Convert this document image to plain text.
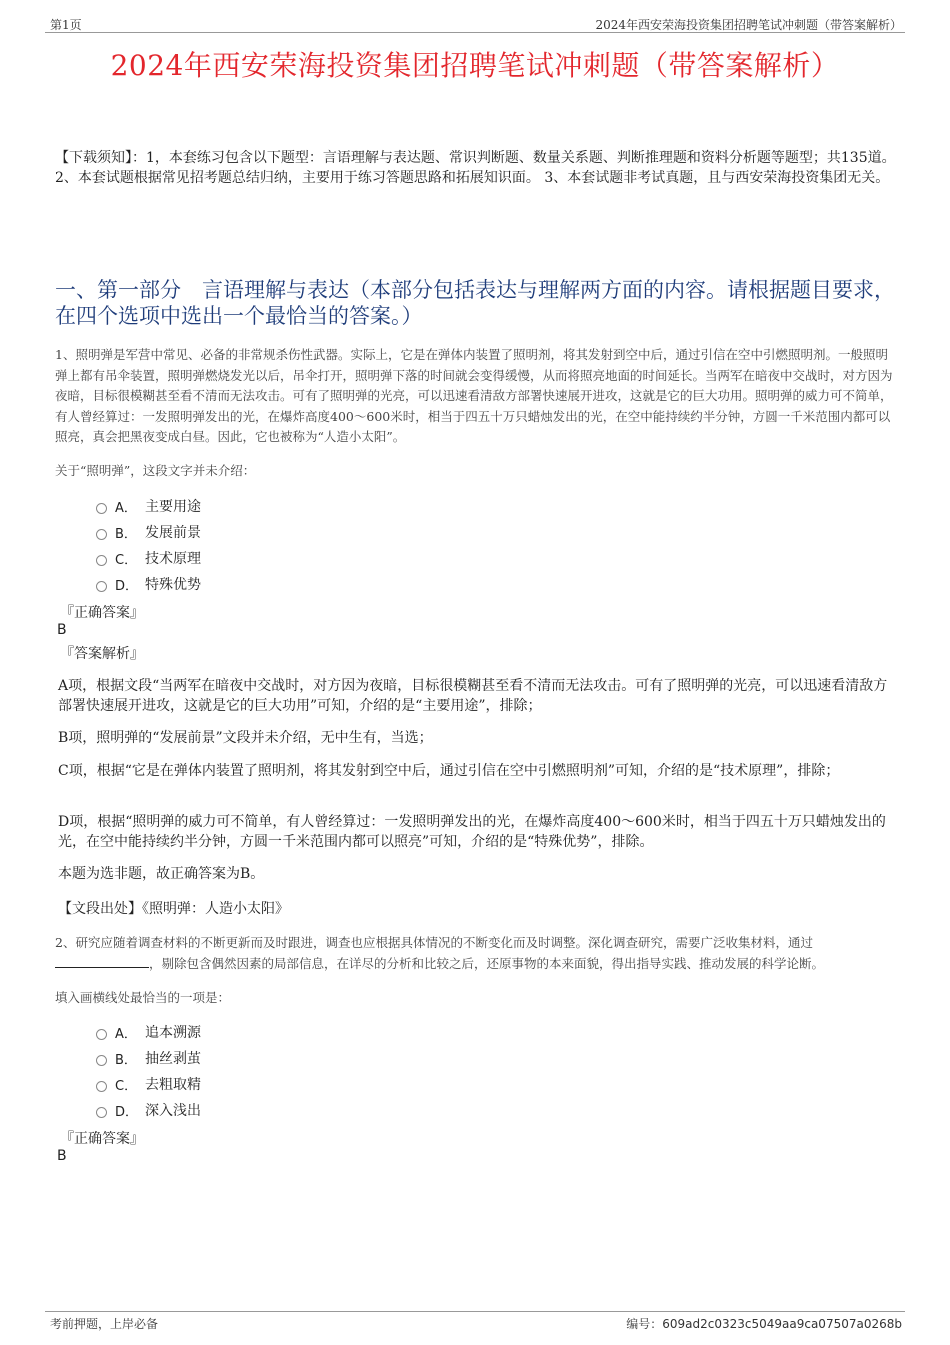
第1页	2024年西安荣海投资集团招聘笔试冲刺题（带答案解析）
2024年西安荣海投资集团招聘笔试冲刺题（带答案解析）
【下载须知】：1，本套练习包含以下题型：言语理解与表达题、常识判断题、数量关系题、判断推理题和资料分析题等题型；共135道。 2、本套试题根据常见招考题总结归纳，主要用于练习答题思路和拓展知识面。 3、本套试题非考试真题，且与西安荣海投资集团无关。
一、第一部分　言语理解与表达（本部分包括表达与理解两方面的内容。请根据题目要求，在四个选项中选出一个最恰当的答案。）
1、照明弹是军营中常见、必备的非常规杀伤性武器。实际上，它是在弹体内装置了照明剂，将其发射到空中后，通过引信在空中引燃照明剂。一般照明弹上都有吊伞装置，照明弹燃烧发光以后，吊伞打开，照明弹下落的时间就会变得缓慢，从而将照亮地面的时间延长。当两军在暗夜中交战时，对方因为夜暗，目标很模糊甚至看不清而无法攻击。可有了照明弹的光亮，可以迅速看清敌方部署快速展开进攻，这就是它的巨大功用。照明弹的威力可不简单，有人曾经算过：一发照明弹发出的光，在爆炸高度400～600米时，相当于四五十万只蜡烛发出的光，在空中能持续约半分钟，方圆一千米范围内都可以照亮，真会把黑夜变成白昼。因此，它也被称为“人造小太阳”。
关于“照明弹”，这段文字并未介绍：
A． 主要用途
B． 发展前景
C． 技术原理
D． 特殊优势
『正确答案』
B
『答案解析』
A项，根据文段“当两军在暗夜中交战时，对方因为夜暗，目标很模糊甚至看不清而无法攻击。可有了照明弹的光亮，可以迅速看清敌方部署快速展开进攻，这就是它的巨大功用”可知，介绍的是“主要用途”，排除；
B项，照明弹的“发展前景”文段并未介绍，无中生有，当选；
C项，根据“它是在弹体内装置了照明剂，将其发射到空中后，通过引信在空中引燃照明剂”可知，介绍的是“技术原理”，排除；
D项，根据“照明弹的威力可不简单，有人曾经算过：一发照明弹发出的光，在爆炸高度400～600米时，相当于四五十万只蜡烛发出的光，在空中能持续约半分钟，方圆一千米范围内都可以照亮”可知，介绍的是“特殊优势”，排除。
本题为选非题，故正确答案为B。
【文段出处】《照明弹：人造小太阳》
2、研究应随着调查材料的不断更新而及时跟进，调查也应根据具体情况的不断变化而及时调整。深化调查研究，需要广泛收集材料，通过，剔除包含偶然因素的局部信息，在详尽的分析和比较之后，还原事物的本来面貌，得出指导实践、推动发展的科学论断。
填入画横线处最恰当的一项是：
A． 追本溯源
B． 抽丝剥茧
C． 去粗取精
D． 深入浅出
『正确答案』
B
考前押题，上岸必备	编号：609ad2c0323c5049aa9ca07507a0268b
